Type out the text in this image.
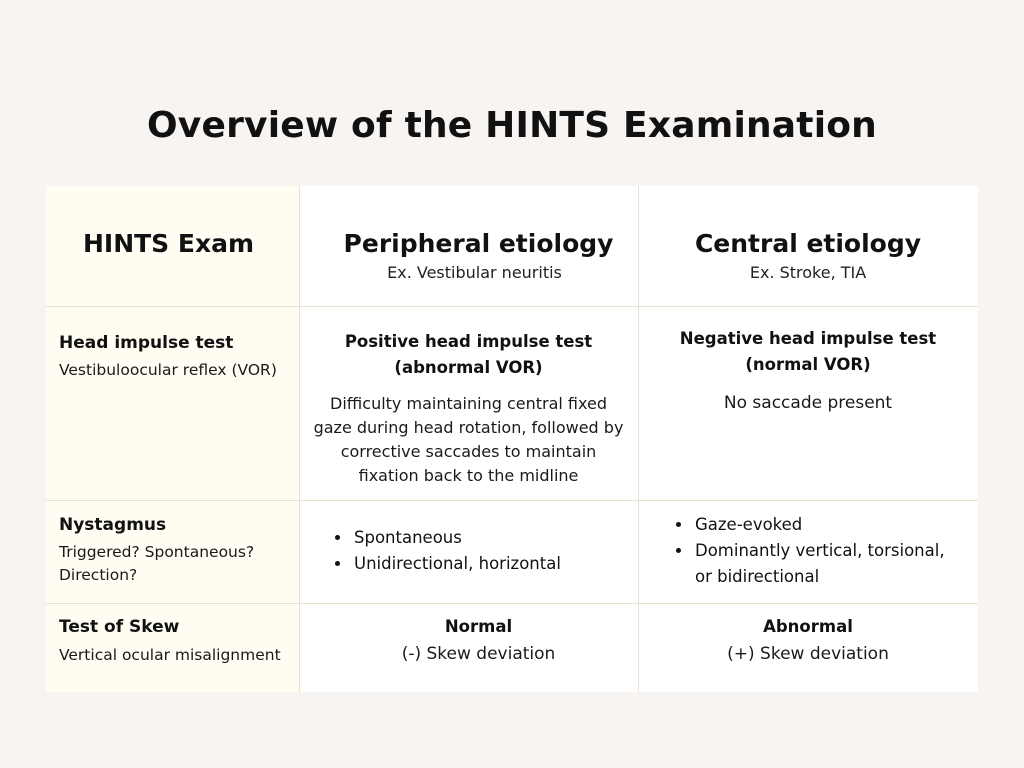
Overview of the HINTS Examination
HINTS Exam	Peripheral etiology
Ex. Vestibular neuritis
Central etiology
Ex. Stroke, TIA
Head impulse test
Vestibuloocular reflex (VOR)
Positive head impulse test
(abnormal VOR)
Difficulty maintaining central fixed
gaze during head rotation, followed by
corrective saccades to maintain
fixation back to the midline
Negative head impulse test
(normal VOR)
No saccade present
Nystagmus
Triggered? Spontaneous?
Direction?
• Spontaneous
• Unidirectional, horizontal
• Gaze-evoked
• Dominantly vertical, torsional,
or bidirectional
Test of Skew
Vertical ocular misalignment
Normal
(-) Skew deviation
Abnormal
(+) Skew deviation
